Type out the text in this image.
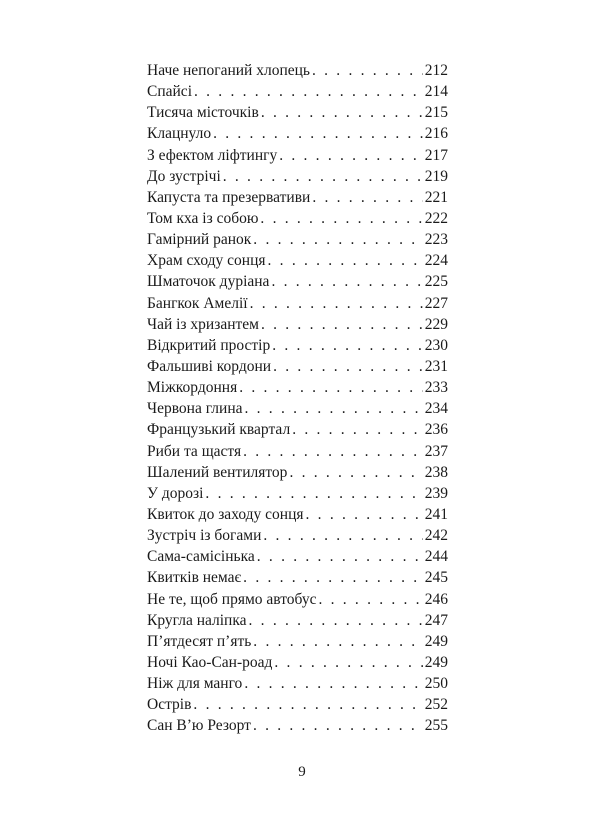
Наче непоганий хлопець . . .	212
Спайсі . . .	214
Тисяча місточків . . .	215
Клацнуло . . .	216
З ефектом ліфтингу . . .	217
До зустрічі . . .	219
Капуста та презервативи . . .	221
Том кха із собою . . .	222
Гамірний ранок . . .	223
Храм сходу сонця . . .	224
Шматочок дуріана . . .	225
Бангкок Амелії . . .	227
Чай із хризантем . . .	229
Відкритий простір . . .	230
Фальшиві кордони . . .	231
Міжкордоння . . .	233
Червона глина . . .	234
Французький квартал . . .	236
Риби та щастя . . .	237
Шалений вентилятор . . .	238
У дорозі . . .	239
Квиток до заходу сонця . . .	241
Зустріч із богами . . .	242
Сама-самісінька . . .	244
Квитків немає . . .	245
Не те, щоб прямо автобус . . .	246
Кругла наліпка . . .	247
П’ятдесят п’ять . . .	249
Ночі Као-Сан-роад . . .	249
Ніж для манго . . .	250
Острів . . .	252
Сан В’ю Резорт . . .	255
9
